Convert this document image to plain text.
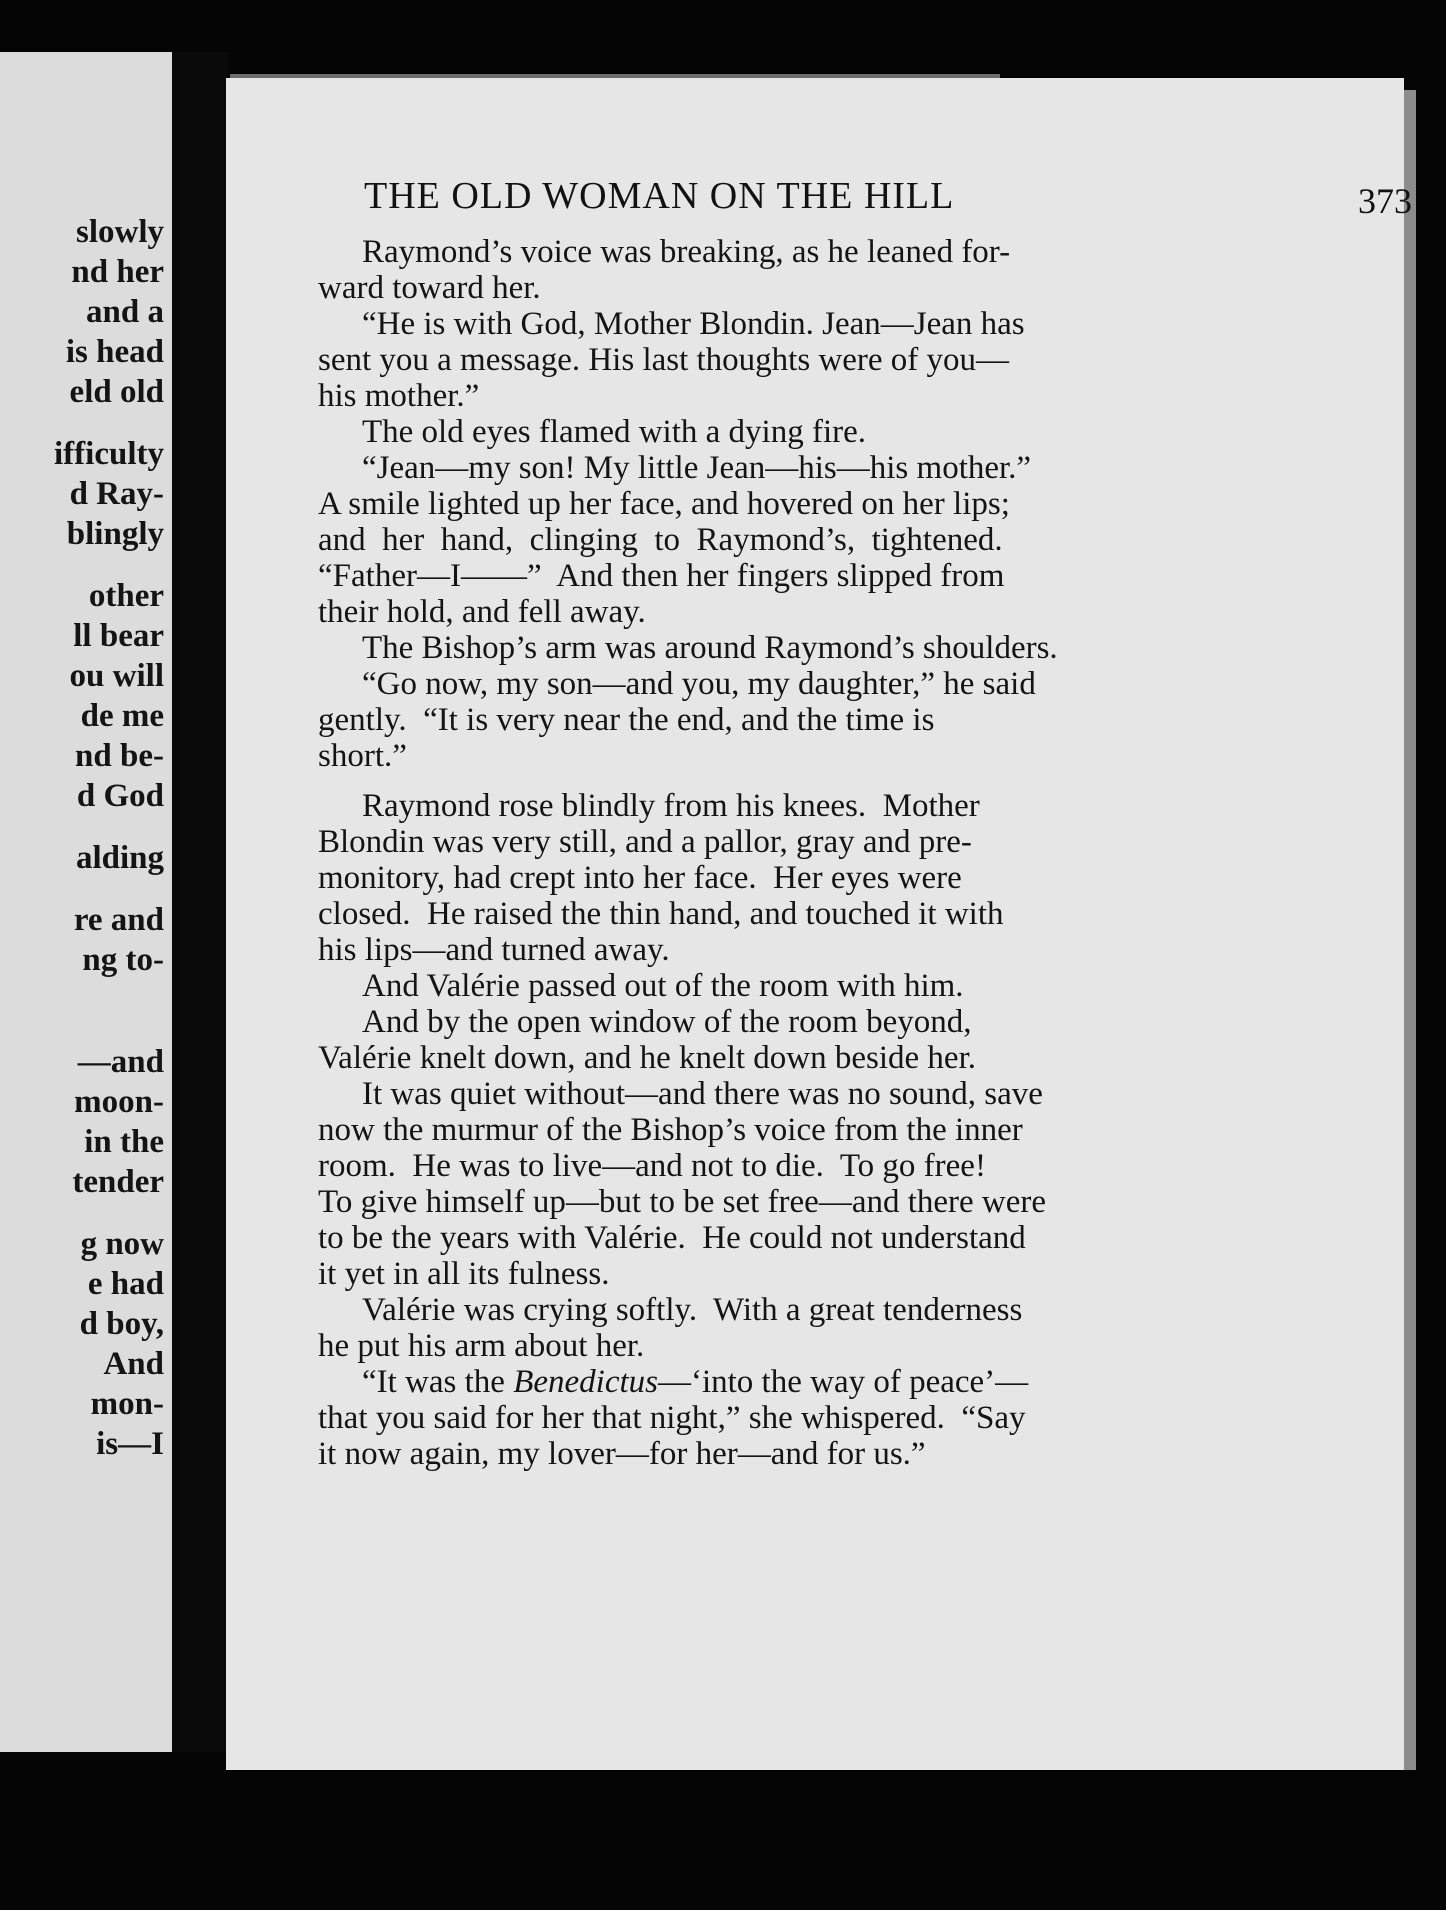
slowly
nd her
and a
is head
eld old
ifficulty
d Ray-
blingly
other
ll bear
ou will
de me
nd be-
d God
alding
re and
ng to-
—and
moon-
in the
tender
g now
e had
d boy,
And
mon-
is—I
THE OLD WOMAN ON THE HILL	373
Raymond’s voice was breaking, as he leaned for-
ward toward her.
“He is with God, Mother Blondin. Jean—Jean has
sent you a message. His last thoughts were of you—
his mother.”
The old eyes flamed with a dying fire.
“Jean—my son! My little Jean—his—his mother.”
A smile lighted up her face, and hovered on her lips;
and  her  hand,  clinging  to  Raymond’s,  tightened.
“Father—I——”  And then her fingers slipped from
their hold, and fell away.
The Bishop’s arm was around Raymond’s shoulders.
“Go now, my son—and you, my daughter,” he said
gently.  “It is very near the end, and the time is
short.”
Raymond rose blindly from his knees.  Mother
Blondin was very still, and a pallor, gray and pre-
monitory, had crept into her face.  Her eyes were
closed.  He raised the thin hand, and touched it with
his lips—and turned away.
And Valérie passed out of the room with him.
And by the open window of the room beyond,
Valérie knelt down, and he knelt down beside her.
It was quiet without—and there was no sound, save
now the murmur of the Bishop’s voice from the inner
room.  He was to live—and not to die.  To go free!
To give himself up—but to be set free—and there were
to be the years with Valérie.  He could not understand
it yet in all its fulness.
Valérie was crying softly.  With a great tenderness
he put his arm about her.
“It was the Benedictus—‘into the way of peace’—
that you said for her that night,” she whispered.  “Say
it now again, my lover—for her—and for us.”
